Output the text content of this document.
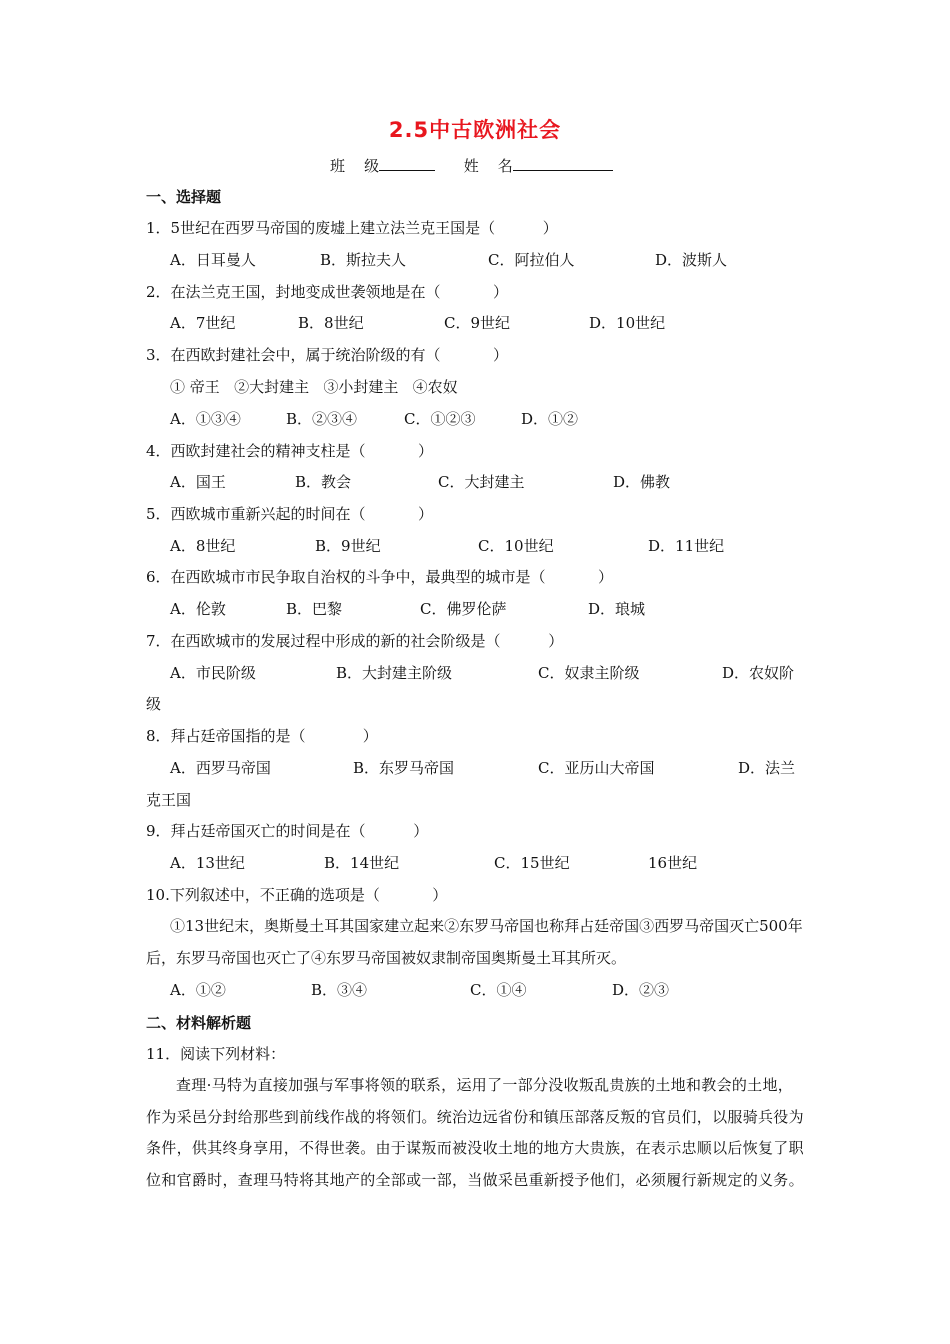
2.5中古欧洲社会
班    级	姓    名
一、选择题
1．5世纪在西罗马帝国的废墟上建立法兰克王国是（          ）
A．日耳曼人	B．斯拉夫人	C．阿拉伯人	D．波斯人
2．在法兰克王国，封地变成世袭领地是在（           ）
A．7世纪	B．8世纪	C．9世纪	D．10世纪
3．在西欧封建社会中，属于统治阶级的有（           ）
① 帝王   ②大封建主   ③小封建主   ④农奴
A．①③④	B．②③④	C．①②③	D．①②
4．西欧封建社会的精神支柱是（           ）
A．国王	B．教会	C．大封建主	D．佛教
5．西欧城市重新兴起的时间在（           ）
A．8世纪	B．9世纪	C．10世纪	D．11世纪
6．在西欧城市市民争取自治权的斗争中，最典型的城市是（           ）
A．伦敦	B．巴黎	C．佛罗伦萨	D．琅城
7．在西欧城市的发展过程中形成的新的社会阶级是（          ）
A．市民阶级	B．大封建主阶级	C．奴隶主阶级	D．农奴阶
级
8．拜占廷帝国指的是（            ）
A．西罗马帝国	B．东罗马帝国	C．亚历山大帝国	D．法兰
克王国
9．拜占廷帝国灭亡的时间是在（          ）
A．13世纪	B．14世纪	C．15世纪	16世纪
10.下列叙述中，不正确的选项是（           ）
①13世纪末，奥斯曼土耳其国家建立起来②东罗马帝国也称拜占廷帝国③西罗马帝国灭亡500年后，东罗马帝国也灭亡了④东罗马帝国被奴隶制帝国奥斯曼土耳其所灭。
A．①②	B．③④	C．①④	D．②③
二、材料解析题
11．阅读下列材料：
查理·马特为直接加强与军事将领的联系，运用了一部分没收叛乱贵族的土地和教会的土地，作为采邑分封给那些到前线作战的将领们。统治边远省份和镇压部落反叛的官员们，以服骑兵役为条件，供其终身享用，不得世袭。由于谋叛而被没收土地的地方大贵族，在表示忠顺以后恢复了职位和官爵时，查理马特将其地产的全部或一部，当做采邑重新授予他们，必须履行新规定的义务。
